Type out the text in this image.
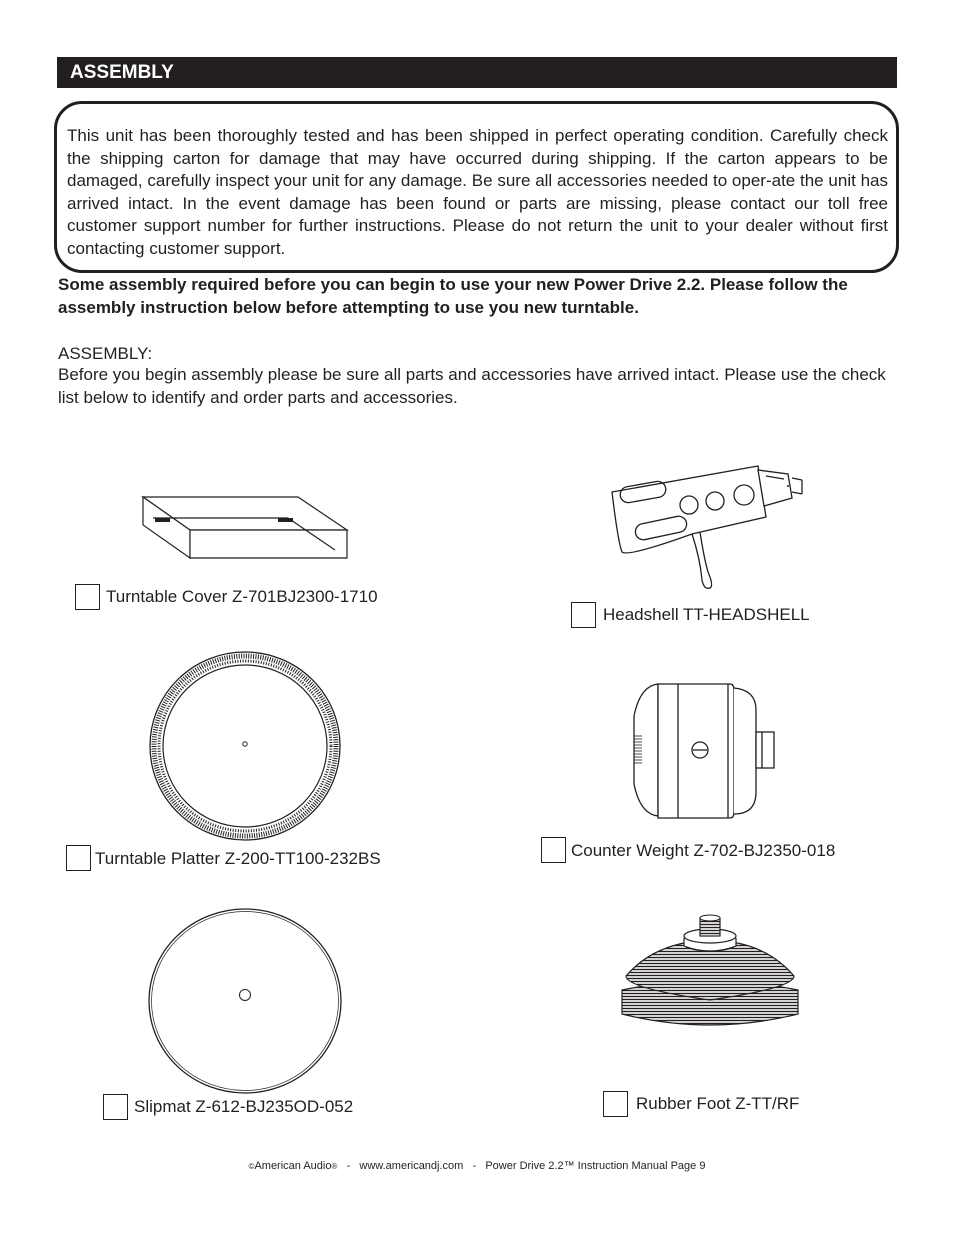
ASSEMBLY
This unit has been thoroughly tested and has been shipped in perfect operating condition. Carefully check the shipping carton for damage that may have occurred during shipping. If the carton appears to be damaged, carefully inspect your unit for any damage. Be sure all accessories needed to oper-ate the unit has arrived intact. In the event damage has been found or parts are missing, please contact our toll free customer support number for further instructions. Please do not return the unit to your dealer without first contacting customer support.
Some assembly required before you can begin to use your new Power Drive 2.2. Please follow the assembly instruction below before attempting to use you new turntable.
ASSEMBLY:
Before you begin assembly please be sure all parts and accessories have arrived intact. Please use the check list below to identify and order parts and accessories.
Turntable Cover Z-701BJ2300-1710
Headshell TT-HEADSHELL
Turntable Platter Z-200-TT100-232BS	Counter Weight Z-702-BJ2350-018
Slipmat Z-612-BJ235OD-052	Rubber Foot Z-TT/RF
©American Audio® - www.americandj.com - Power Drive 2.2™ Instruction Manual Page 9
